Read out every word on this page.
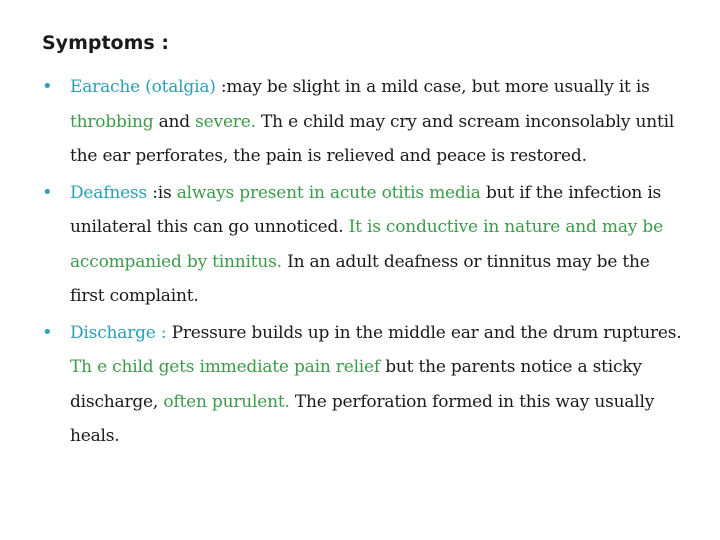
Symptoms :
• Earache (otalgia) :may be slight in a mild case, but more usually it is throbbing and severe. Th e child may cry and scream inconsolably until the ear perforates, the pain is relieved and peace is restored.
• Deafness :is always present in acute otitis media but if the infection is unilateral this can go unnoticed. It is conductive in nature and may be accompanied by tinnitus. In an adult deafness or tinnitus may be the first complaint.
• Discharge : Pressure builds up in the middle ear and the drum ruptures. Th e child gets immediate pain relief but the parents notice a sticky discharge, often purulent. The perforation formed in this way usually heals.
